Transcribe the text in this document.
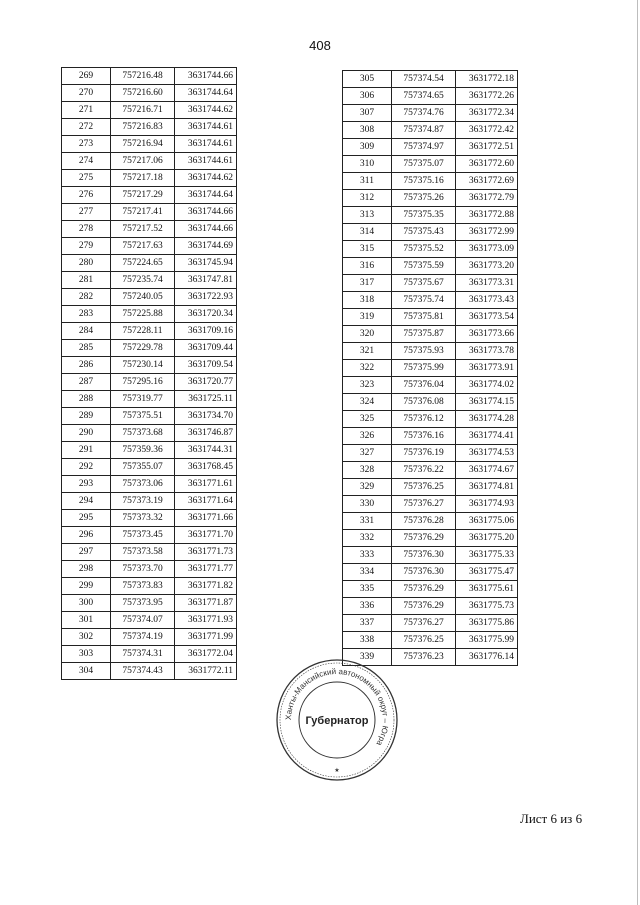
408
269	757216.48	3631744.66
270	757216.60	3631744.64
271	757216.71	3631744.62
272	757216.83	3631744.61
273	757216.94	3631744.61
274	757217.06	3631744.61
275	757217.18	3631744.62
276	757217.29	3631744.64
277	757217.41	3631744.66
278	757217.52	3631744.66
279	757217.63	3631744.69
280	757224.65	3631745.94
281	757235.74	3631747.81
282	757240.05	3631722.93
283	757225.88	3631720.34
284	757228.11	3631709.16
285	757229.78	3631709.44
286	757230.14	3631709.54
287	757295.16	3631720.77
288	757319.77	3631725.11
289	757375.51	3631734.70
290	757373.68	3631746.87
291	757359.36	3631744.31
292	757355.07	3631768.45
293	757373.06	3631771.61
294	757373.19	3631771.64
295	757373.32	3631771.66
296	757373.45	3631771.70
297	757373.58	3631771.73
298	757373.70	3631771.77
299	757373.83	3631771.82
300	757373.95	3631771.87
301	757374.07	3631771.93
302	757374.19	3631771.99
303	757374.31	3631772.04
304	757374.43	3631772.11
305	757374.54	3631772.18
306	757374.65	3631772.26
307	757374.76	3631772.34
308	757374.87	3631772.42
309	757374.97	3631772.51
310	757375.07	3631772.60
311	757375.16	3631772.69
312	757375.26	3631772.79
313	757375.35	3631772.88
314	757375.43	3631772.99
315	757375.52	3631773.09
316	757375.59	3631773.20
317	757375.67	3631773.31
318	757375.74	3631773.43
319	757375.81	3631773.54
320	757375.87	3631773.66
321	757375.93	3631773.78
322	757375.99	3631773.91
323	757376.04	3631774.02
324	757376.08	3631774.15
325	757376.12	3631774.28
326	757376.16	3631774.41
327	757376.19	3631774.53
328	757376.22	3631774.67
329	757376.25	3631774.81
330	757376.27	3631774.93
331	757376.28	3631775.06
332	757376.29	3631775.20
333	757376.30	3631775.33
334	757376.30	3631775.47
335	757376.29	3631775.61
336	757376.29	3631775.73
337	757376.27	3631775.86
338	757376.25	3631775.99
339	757376.23	3631776.14
Ханты-Мансийский автономный округ – Югра
Губернатор
★
Лист 6 из 6
